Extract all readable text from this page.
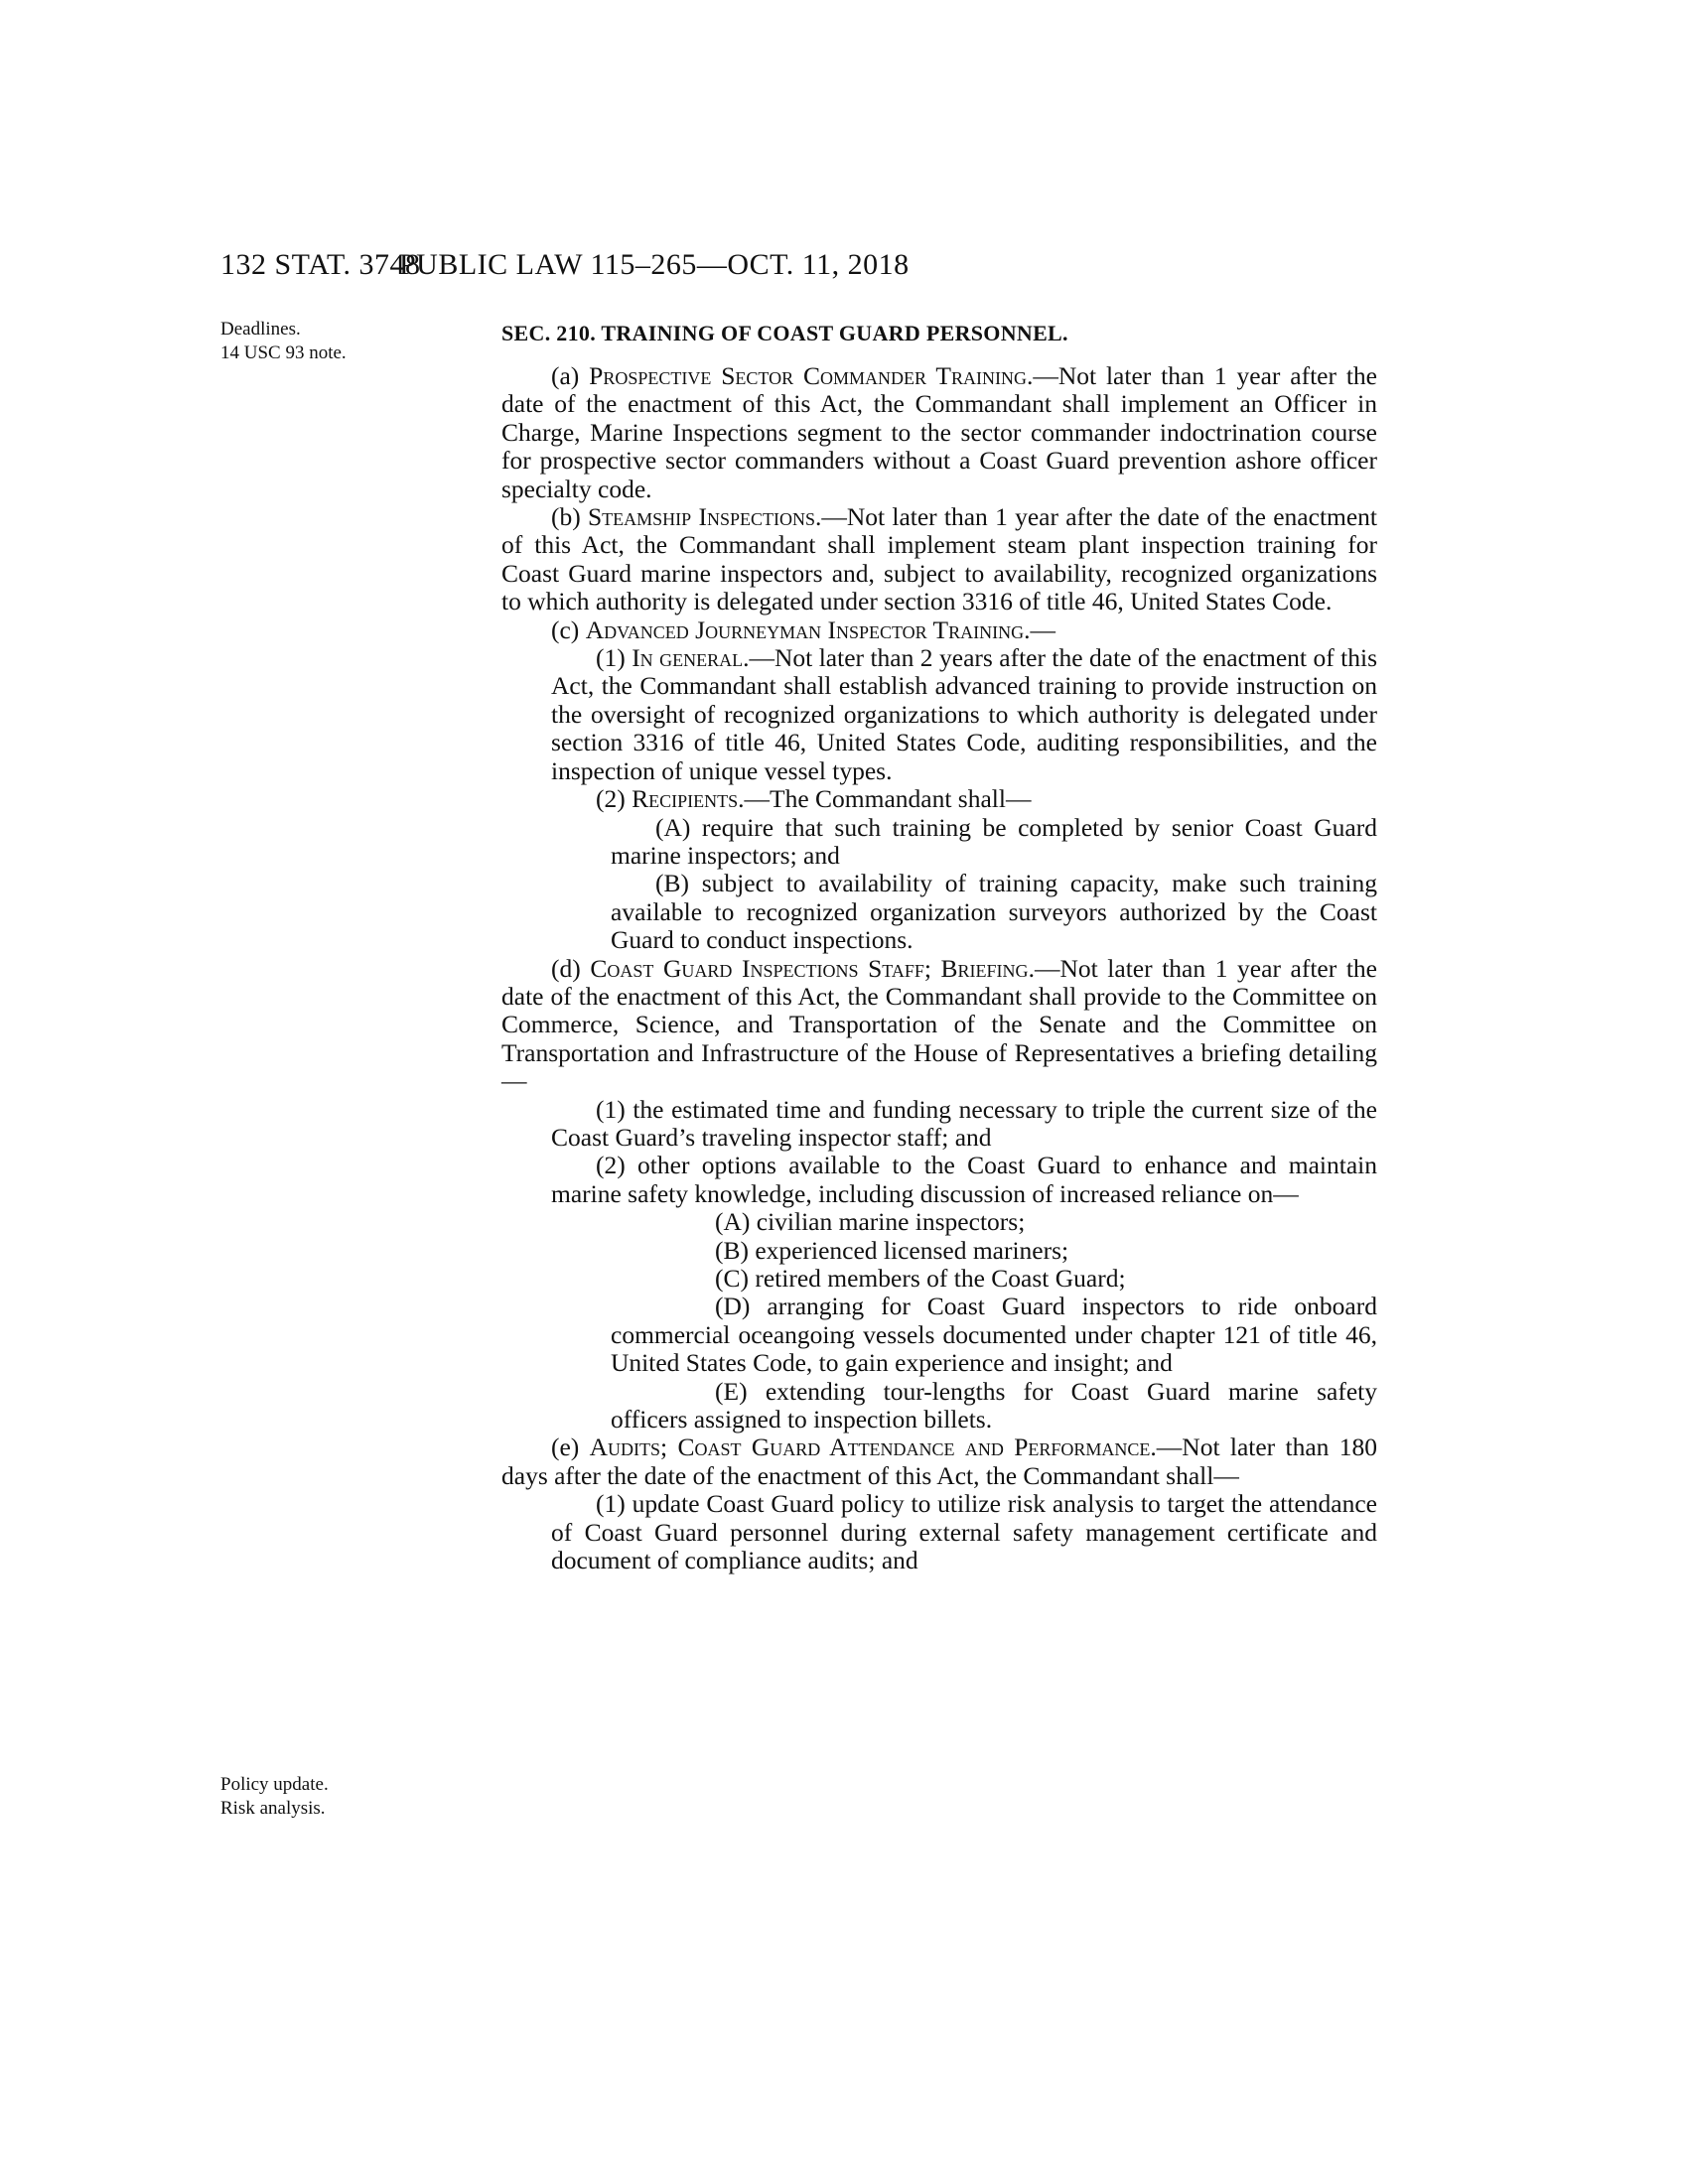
132 STAT. 3748
PUBLIC LAW 115–265—OCT. 11, 2018
Deadlines.
14 USC 93 note.
Policy update.
Risk analysis.
SEC. 210. TRAINING OF COAST GUARD PERSONNEL.

(a) Prospective Sector Commander Training.—Not later than 1 year after the date of the enactment of this Act, the Commandant shall implement an Officer in Charge, Marine Inspections segment to the sector commander indoctrination course for prospective sector commanders without a Coast Guard prevention ashore officer specialty code.

(b) Steamship Inspections.—Not later than 1 year after the date of the enactment of this Act, the Commandant shall implement steam plant inspection training for Coast Guard marine inspectors and, subject to availability, recognized organizations to which authority is delegated under section 3316 of title 46, United States Code.

(c) Advanced Journeyman Inspector Training.—

(1) In general.—Not later than 2 years after the date of the enactment of this Act, the Commandant shall establish advanced training to provide instruction on the oversight of recognized organizations to which authority is delegated under section 3316 of title 46, United States Code, auditing responsibilities, and the inspection of unique vessel types.

(2) Recipients.—The Commandant shall—

(A) require that such training be completed by senior Coast Guard marine inspectors; and

(B) subject to availability of training capacity, make such training available to recognized organization surveyors authorized by the Coast Guard to conduct inspections.

(d) Coast Guard Inspections Staff; Briefing.—Not later than 1 year after the date of the enactment of this Act, the Commandant shall provide to the Committee on Commerce, Science, and Transportation of the Senate and the Committee on Transportation and Infrastructure of the House of Representatives a briefing detailing—

(1) the estimated time and funding necessary to triple the current size of the Coast Guard’s traveling inspector staff; and

(2) other options available to the Coast Guard to enhance and maintain marine safety knowledge, including discussion of increased reliance on—

(A) civilian marine inspectors;

(B) experienced licensed mariners;

(C) retired members of the Coast Guard;

(D) arranging for Coast Guard inspectors to ride onboard commercial oceangoing vessels documented under chapter 121 of title 46, United States Code, to gain experience and insight; and

(E) extending tour-lengths for Coast Guard marine safety officers assigned to inspection billets.

(e) Audits; Coast Guard Attendance and Performance.—Not later than 180 days after the date of the enactment of this Act, the Commandant shall—

(1) update Coast Guard policy to utilize risk analysis to target the attendance of Coast Guard personnel during external safety management certificate and document of compliance audits; and
